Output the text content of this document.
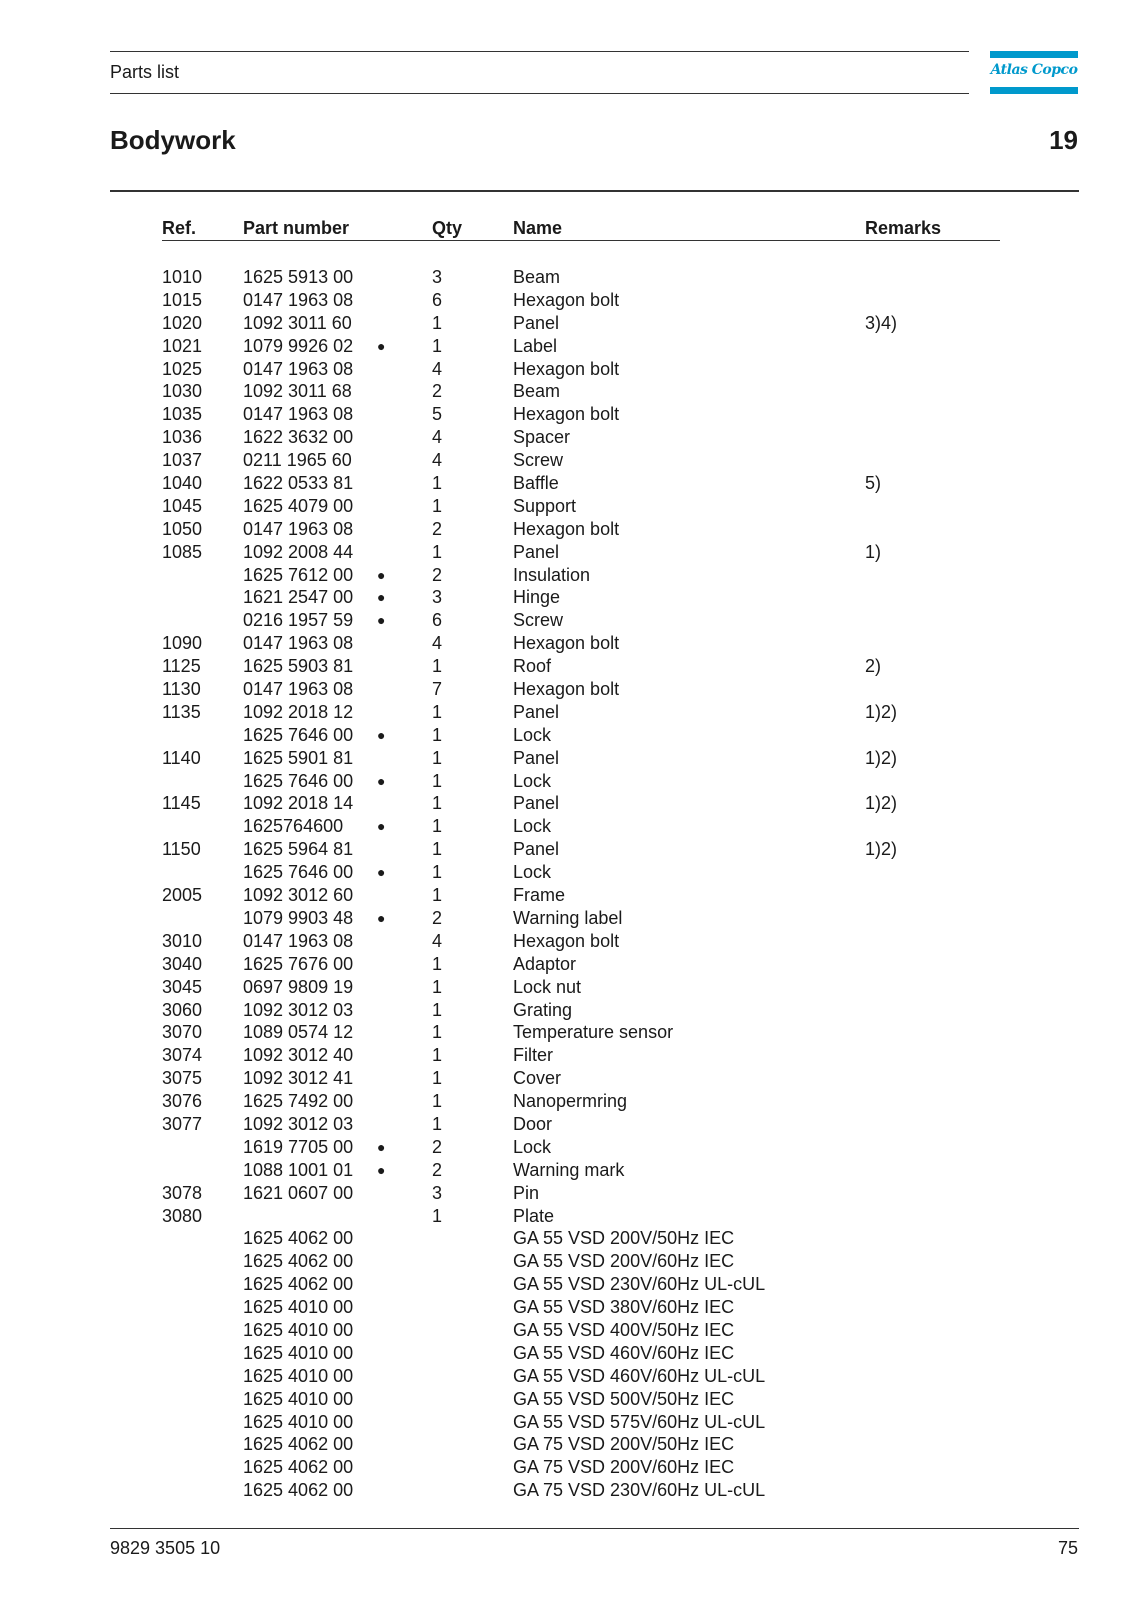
Parts list	Atlas Copco
Bodywork	19
Ref.	Part number	Qty	Name	Remarks
1010 1625 5913 00	3	Beam
1015 0147 1963 08	6	Hexagon bolt
1020 1092 3011 60	1	Panel	3)4)
1021 1079 9926 02 ●	1	Label
1025 0147 1963 08	4	Hexagon bolt
1030 1092 3011 68	2	Beam
1035 0147 1963 08	5	Hexagon bolt
1036 1622 3632 00	4	Spacer
1037 0211 1965 60	4	Screw
1040 1622 0533 81	1	Baffle	5)
1045 1625 4079 00	1	Support
1050 0147 1963 08	2	Hexagon bolt
1085 1092 2008 44	1	Panel	1)
1625 7612 00 ●	2	Insulation
1621 2547 00 ●	3	Hinge
0216 1957 59 ●	6	Screw
1090 0147 1963 08	4	Hexagon bolt
1125 1625 5903 81	1	Roof	2)
1130 0147 1963 08	7	Hexagon bolt
1135 1092 2018 12	1	Panel	1)2)
1625 7646 00 ●	1	Lock
1140 1625 5901 81	1	Panel	1)2)
1625 7646 00 ●	1	Lock
1145 1092 2018 14	1	Panel	1)2)
1625764600 ●	1	Lock
1150 1625 5964 81	1	Panel	1)2)
1625 7646 00 ●	1	Lock
2005 1092 3012 60	1	Frame
1079 9903 48 ●	2	Warning label
3010 0147 1963 08	4	Hexagon bolt
3040 1625 7676 00	1	Adaptor
3045 0697 9809 19	1	Lock nut
3060 1092 3012 03	1	Grating
3070 1089 0574 12	1	Temperature sensor
3074 1092 3012 40	1	Filter
3075 1092 3012 41	1	Cover
3076 1625 7492 00	1	Nanopermring
3077 1092 3012 03	1	Door
1619 7705 00 ●	2	Lock
1088 1001 01 ●	2	Warning mark
3078 1621 0607 00	3	Pin
3080	1	Plate
1625 4062 00	GA 55 VSD 200V/50Hz IEC
1625 4062 00	GA 55 VSD 200V/60Hz IEC
1625 4062 00	GA 55 VSD 230V/60Hz UL-cUL
1625 4010 00	GA 55 VSD 380V/60Hz IEC
1625 4010 00	GA 55 VSD 400V/50Hz IEC
1625 4010 00	GA 55 VSD 460V/60Hz IEC
1625 4010 00	GA 55 VSD 460V/60Hz UL-cUL
1625 4010 00	GA 55 VSD 500V/50Hz IEC
1625 4010 00	GA 55 VSD 575V/60Hz UL-cUL
1625 4062 00	GA 75 VSD 200V/50Hz IEC
1625 4062 00	GA 75 VSD 200V/60Hz IEC
1625 4062 00	GA 75 VSD 230V/60Hz UL-cUL
9829 3505 10	75
